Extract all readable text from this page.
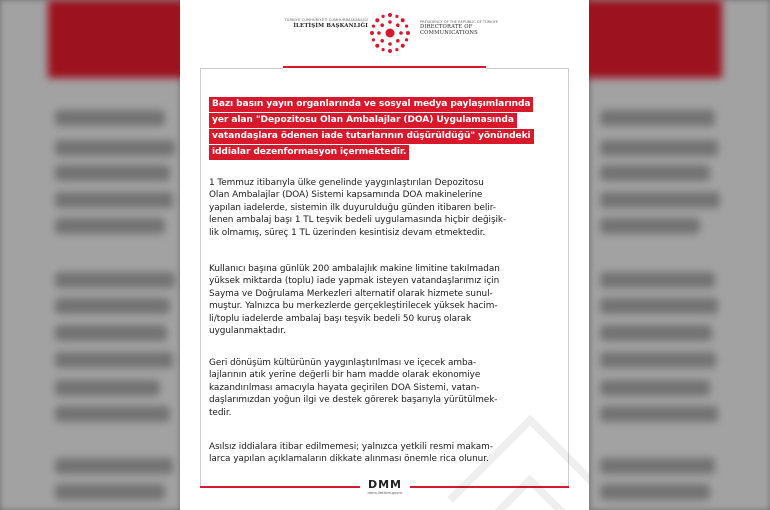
TÜRKİYE CUMHURİYETİ CUMHURBAŞKANLIĞI
İLETİŞİM BAŞKANLIĞI
PRESIDENCY OF THE REPUBLIC OF TÜRKİYE
DIRECTORATE OF
COMMUNICATIONS
Bazı basın yayın organlarında ve sosyal medya paylaşımlarında
yer alan "Depozitosu Olan Ambalajlar (DOA) Uygulamasında
vatandaşlara ödenen iade tutarlarının düşürüldüğü" yönündeki
iddialar dezenformasyon içermektedir.
1 Temmuz itibarıyla ülke genelinde yaygınlaştırılan Depozitosu
Olan Ambalajlar (DOA) Sistemi kapsamında DOA makinelerine
yapılan iadelerde, sistemin ilk duyurulduğu günden itibaren belir-
lenen ambalaj başı 1 TL teşvik bedeli uygulamasında hiçbir değişik-
lik olmamış, süreç 1 TL üzerinden kesintisiz devam etmektedir.
Kullanıcı başına günlük 200 ambalajlık makine limitine takılmadan
yüksek miktarda (toplu) iade yapmak isteyen vatandaşlarımız için
Sayma ve Doğrulama Merkezleri alternatif olarak hizmete sunul-
muştur. Yalnızca bu merkezlerde gerçekleştirilecek yüksek hacim-
li/toplu iadelerde ambalaj başı teşvik bedeli 50 kuruş olarak
uygulanmaktadır.
Geri dönüşüm kültürünün yaygınlaştırılması ve içecek amba-
lajlarının atık yerine değerli bir ham madde olarak ekonomiye
kazandırılması amacıyla hayata geçirilen DOA Sistemi, vatan-
daşlarımızdan yoğun ilgi ve destek görerek başarıyla yürütülmek-
tedir.
Asılsız iddialara itibar edilmemesi; yalnızca yetkili resmi makam-
larca yapılan açıklamaların dikkate alınması önemle rica olunur.
DMM
dmm.iletisim.gov.tr
